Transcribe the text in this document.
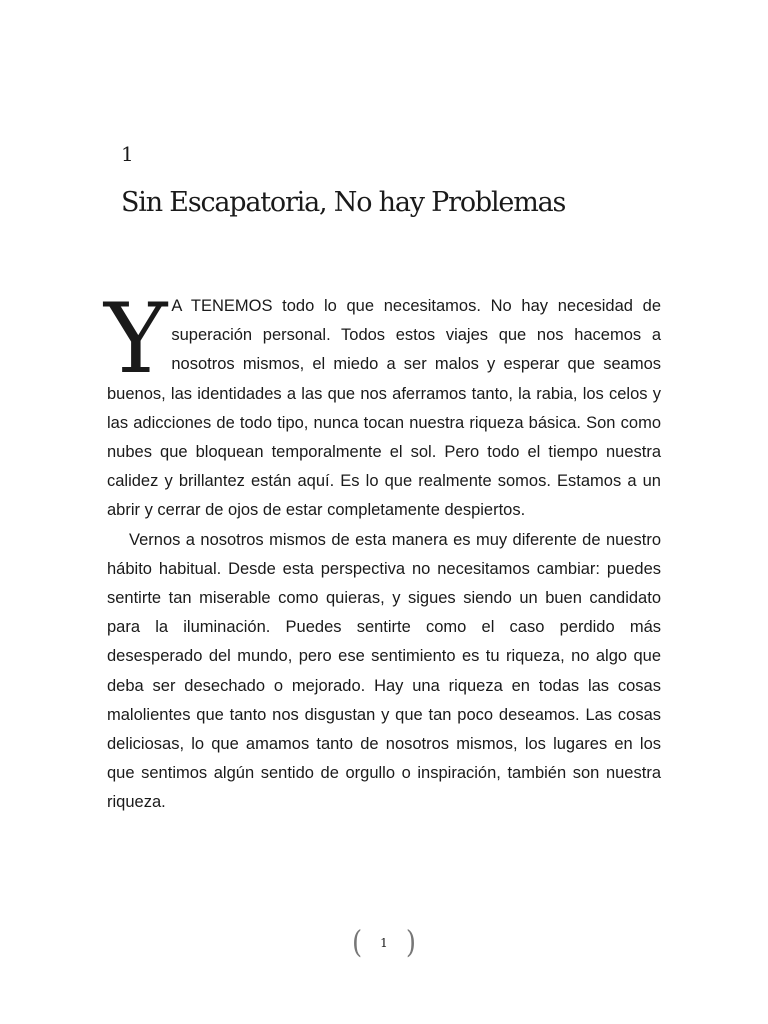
1
Sin Escapatoria, No hay Problemas

Y A TENEMOS todo lo que necesitamos. No hay necesidad de superación personal. Todos estos viajes que nos hacemos a nosotros mismos, el miedo a ser malos y esperar que seamos buenos, las identidades a las que nos aferramos tanto, la rabia, los celos y las adicciones de todo tipo, nunca tocan nuestra riqueza básica. Son como nubes que bloquean temporalmente el sol. Pero todo el tiempo nuestra calidez y brillantez están aquí. Es lo que realmente somos. Estamos a un abrir y cerrar de ojos de estar completamente despiertos.

Vernos a nosotros mismos de esta manera es muy diferente de nuestro hábito habitual. Desde esta perspectiva no necesitamos cambiar: puedes sentirte tan miserable como quieras, y sigues siendo un buen candidato para la iluminación. Puedes sentirte como el caso perdido más desesperado del mundo, pero ese sentimiento es tu riqueza, no algo que deba ser desechado o mejorado. Hay una riqueza en todas las cosas malolientes que tanto nos disgustan y que tan poco deseamos. Las cosas deliciosas, lo que amamos tanto de nosotros mismos, los lugares en los que sentimos algún sentido de orgullo o inspiración, también son nuestra riqueza.

( 1 )
